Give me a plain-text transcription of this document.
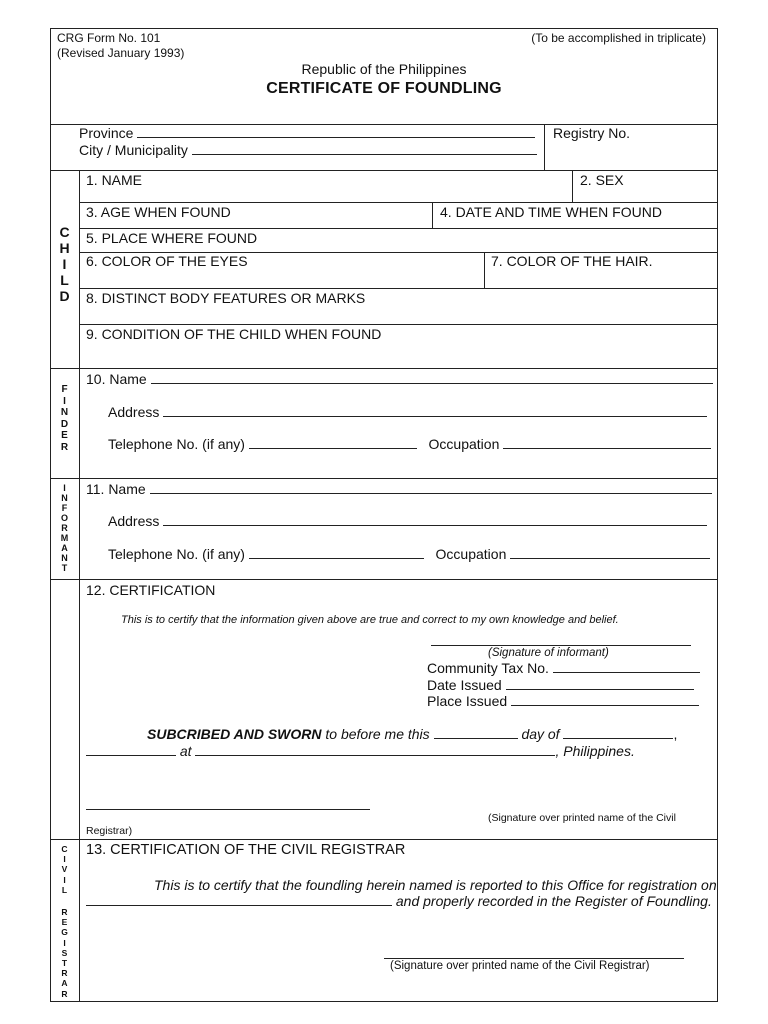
CRG Form No. 101
(Revised January 1993)
(To be accomplished in triplicate)
Republic of the Philippines
CERTIFICATE OF FOUNDLING
Province
City / Municipality
Registry No.
C
H
I
L
D
1. NAME	2. SEX
3. AGE WHEN FOUND	4. DATE AND TIME WHEN FOUND
5. PLACE WHERE FOUND
6. COLOR OF THE EYES	7. COLOR OF THE HAIR.
8. DISTINCT BODY FEATURES OR MARKS
9. CONDITION OF THE CHILD WHEN FOUND
F
I
N
D
E
R
10. Name
Address
Telephone No. (if any)	Occupation
I
N
F
O
R
M
A
N
T
11. Name
Address
Telephone No. (if any)	Occupation
12. CERTIFICATION
This is to certify that the information given above are true and correct to my own knowledge and belief.
(Signature of informant)
Community Tax No.
Date Issued
Place Issued
SUBCRIBED AND SWORN to before me this	day of	,
at	, Philippines.
(Signature over printed name of the Civil
Registrar)
C
I
V
I
L
R
E
G
I
S
T
R
A
R
13. CERTIFICATION OF THE CIVIL REGISTRAR
This is to certify that the foundling herein named is reported to this Office for registration on
and properly recorded in the Register of Foundling.
(Signature over printed name of the Civil Registrar)
